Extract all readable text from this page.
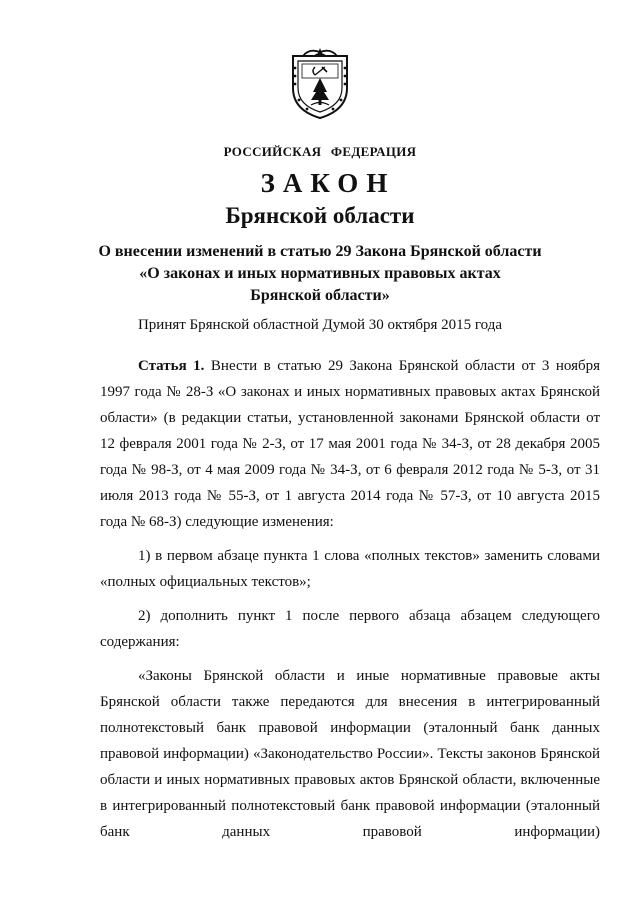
РОССИЙСКАЯ ФЕДЕРАЦИЯ
ЗАКОН
Брянской области
О внесении изменений в статью 29 Закона Брянской области
«О законах и иных нормативных правовых актах
Брянской области»
Принят Брянской областной Думой 30 октября 2015 года

Статья 1. Внести в статью 29 Закона Брянской области от 3 ноября 1997 года № 28-З «О законах и иных нормативных правовых актах Брянской области» (в редакции статьи, установленной законами Брянской области от 12 февраля 2001 года № 2-З, от 17 мая 2001 года № 34-З, от 28 декабря 2005 года № 98-З, от 4 мая 2009 года № 34-З, от 6 февраля 2012 года № 5-З, от 31 июля 2013 года № 55-З, от 1 августа 2014 года № 57-З, от 10 августа 2015 года № 68-З) следующие изменения:

1) в первом абзаце пункта 1 слова «полных текстов» заменить словами «полных официальных текстов»;

2) дополнить пункт 1 после первого абзаца абзацем следующего содержания:

«Законы Брянской области и иные нормативные правовые акты Брянской области также передаются для внесения в интегрированный полнотекстовый банк правовой информации (эталонный банк данных правовой информации) «Законодательство России». Тексты законов Брянской области и иных нормативных правовых актов Брянской области, включенные в интегрированный полнотекстовый банк правовой информации (эталонный банк данных правовой информации)
